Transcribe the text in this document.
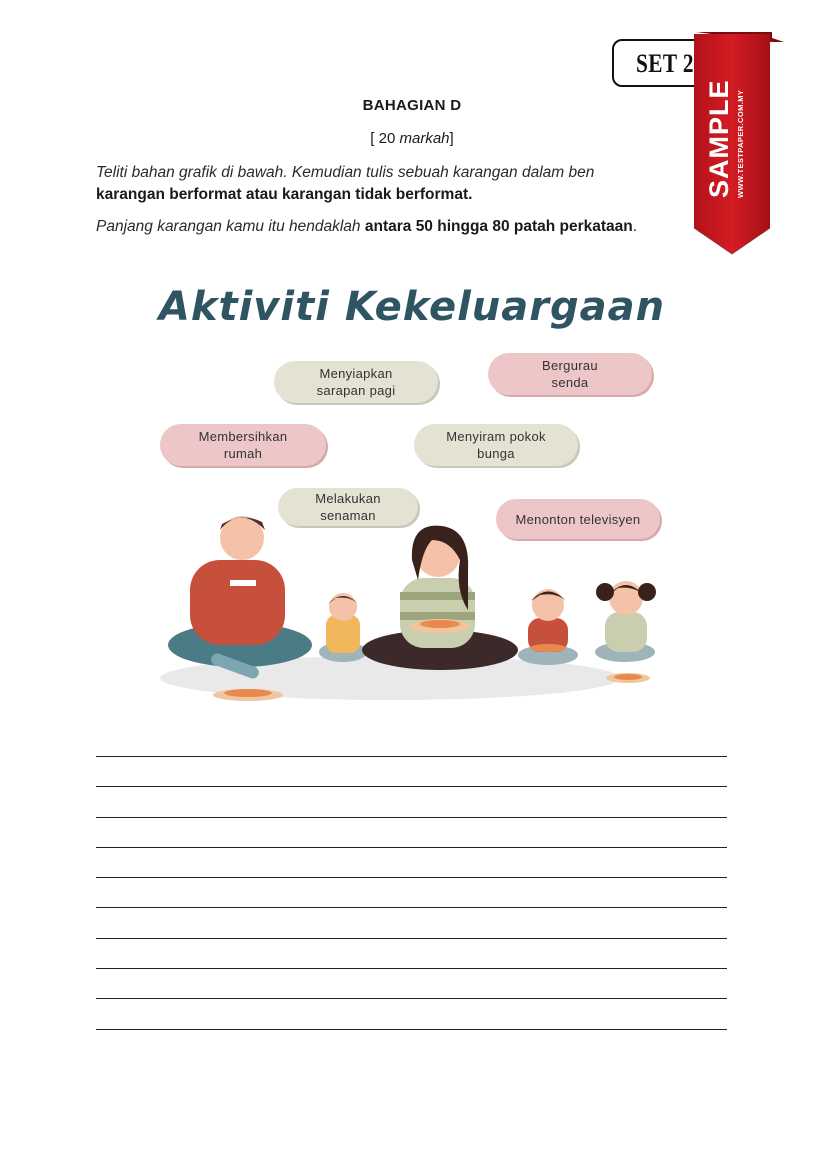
SET 2
SAMPLE WWW.TESTPAPER.COM.MY
BAHAGIAN D
[ 20 markah]
Teliti bahan grafik di bawah. Kemudian tulis sebuah karangan dalam ben
karangan berformat atau karangan tidak berformat.
Panjang karangan kamu itu hendaklah antara 50 hingga 80 patah perkataan.
Aktiviti Kekeluargaan
Menyiapkan sarapan pagi
Bergurau senda
Membersihkan rumah
Menyiram pokok bunga
Melakukan senaman	Menonton televisyen
